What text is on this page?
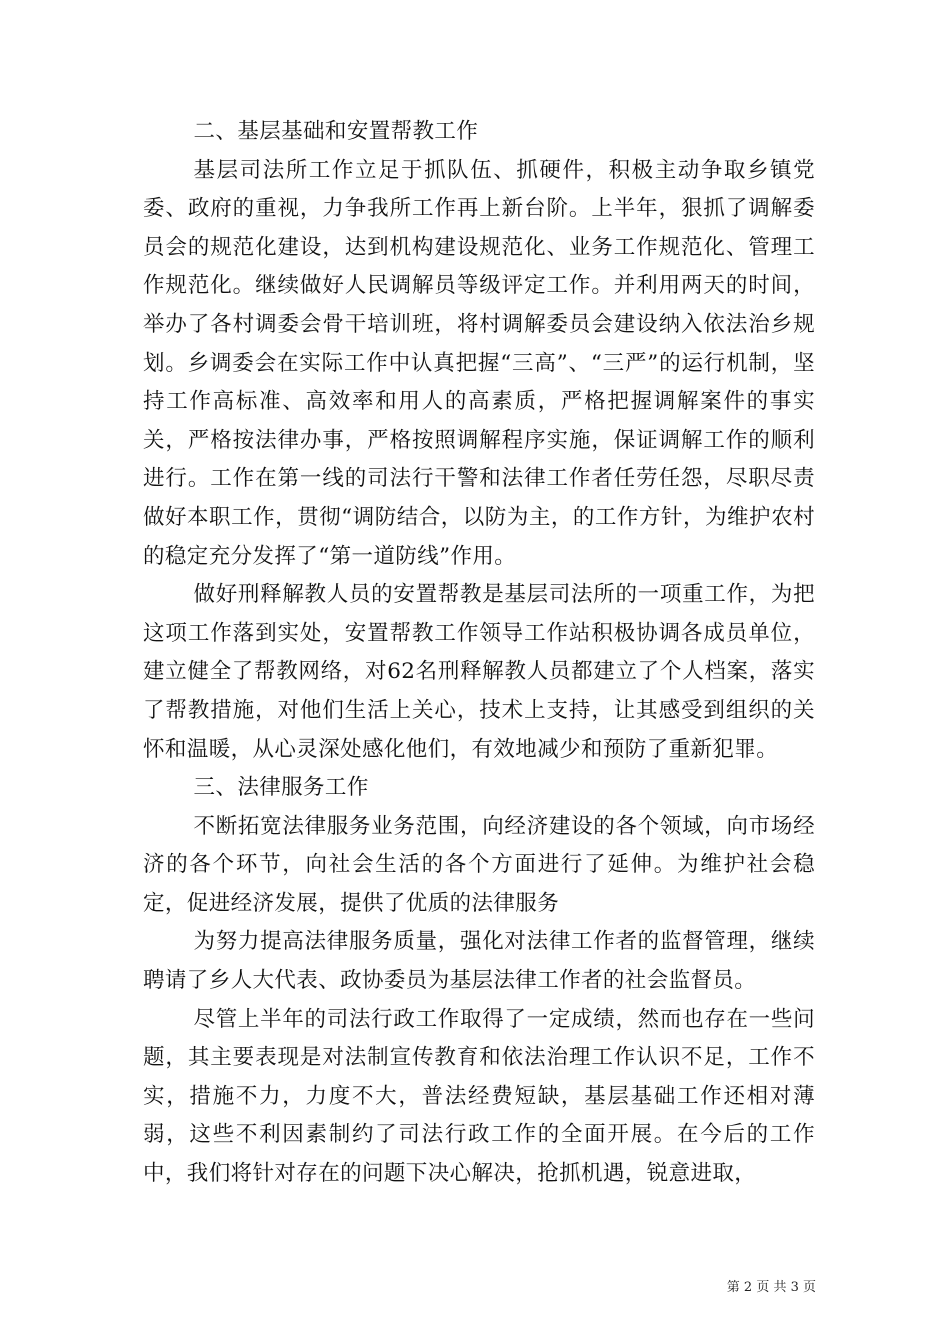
二、基层基础和安置帮教工作

基层司法所工作立足于抓队伍、抓硬件，积极主动争取乡镇党委、政府的重视，力争我所工作再上新台阶。上半年，狠抓了调解委员会的规范化建设，达到机构建设规范化、业务工作规范化、管理工作规范化。继续做好人民调解员等级评定工作。并利用两天的时间，举办了各村调委会骨干培训班，将村调解委员会建设纳入依法治乡规划。乡调委会在实际工作中认真把握“三高”、“三严”的运行机制，坚持工作高标准、高效率和用人的高素质，严格把握调解案件的事实关，严格按法律办事，严格按照调解程序实施，保证调解工作的顺利进行。工作在第一线的司法行干警和法律工作者任劳任怨，尽职尽责做好本职工作，贯彻“调防结合，以防为主，的工作方针，为维护农村的稳定充分发挥了“第一道防线”作用。

做好刑释解教人员的安置帮教是基层司法所的一项重工作，为把这项工作落到实处，安置帮教工作领导工作站积极协调各成员单位，建立健全了帮教网络，对62名刑释解教人员都建立了个人档案，落实了帮教措施，对他们生活上关心，技术上支持，让其感受到组织的关怀和温暖，从心灵深处感化他们，有效地减少和预防了重新犯罪。

三、法律服务工作

不断拓宽法律服务业务范围，向经济建设的各个领域，向市场经济的各个环节，向社会生活的各个方面进行了延伸。为维护社会稳定，促进经济发展，提供了优质的法律服务

为努力提高法律服务质量，强化对法律工作者的监督管理，继续聘请了乡人大代表、政协委员为基层法律工作者的社会监督员。

尽管上半年的司法行政工作取得了一定成绩，然而也存在一些问题，其主要表现是对法制宣传教育和依法治理工作认识不足，工作不实，措施不力，力度不大，普法经费短缺，基层基础工作还相对薄弱，这些不利因素制约了司法行政工作的全面开展。在今后的工作中，我们将针对存在的问题下决心解决，抢抓机遇，锐意进取，

第 2 页 共 3 页
